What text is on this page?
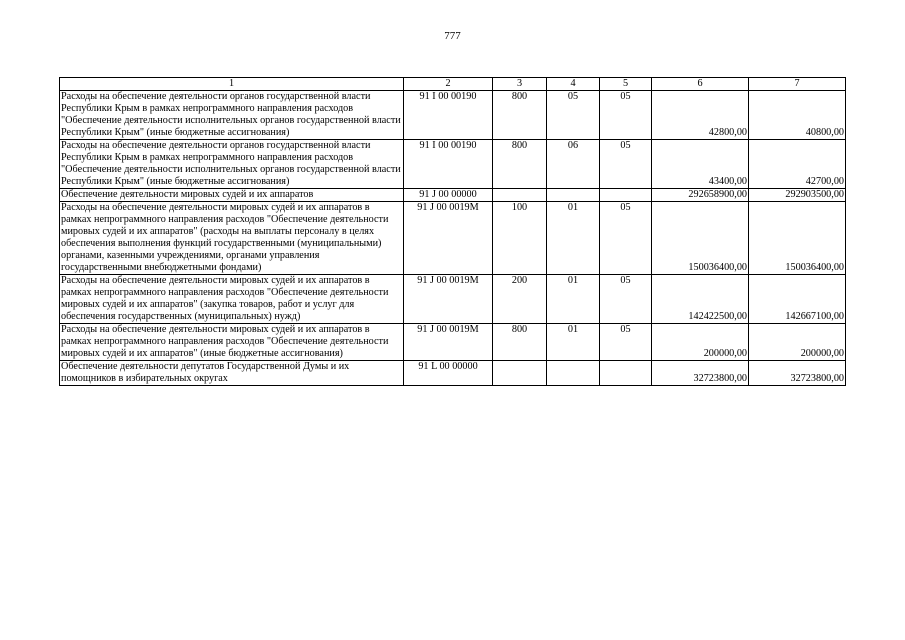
777
1	2	3	4	5	6	7
Расходы на обеспечение деятельности органов государственной власти Республики Крым в рамках непрограммного направления расходов "Обеспечение деятельности исполнительных органов государственной власти Республики Крым" (иные бюджетные ассигнования)	91 I 00 00190	800	05	05	42800,00	40800,00
Расходы на обеспечение деятельности органов государственной власти Республики Крым в рамках непрограммного направления расходов "Обеспечение деятельности исполнительных органов государственной власти Республики Крым" (иные бюджетные ассигнования)	91 I 00 00190	800	06	05	43400,00	42700,00
Обеспечение деятельности мировых судей и их аппаратов	91 J 00 00000				292658900,00	292903500,00
Расходы на обеспечение деятельности мировых судей и их аппаратов в рамках непрограммного направления расходов "Обеспечение деятельности мировых судей и их аппаратов" (расходы на выплаты персоналу в целях обеспечения выполнения функций государственными (муниципальными) органами, казенными учреждениями, органами управления государственными внебюджетными фондами)	91 J 00 0019M	100	01	05	150036400,00	150036400,00
Расходы на обеспечение деятельности мировых судей и их аппаратов в рамках непрограммного направления расходов "Обеспечение деятельности мировых судей и их аппаратов" (закупка товаров, работ и услуг для обеспечения государственных (муниципальных) нужд)	91 J 00 0019M	200	01	05	142422500,00	142667100,00
Расходы на обеспечение деятельности мировых судей и их аппаратов в рамках непрограммного направления расходов "Обеспечение деятельности мировых судей и их аппаратов" (иные бюджетные ассигнования)	91 J 00 0019M	800	01	05	200000,00	200000,00
Обеспечение деятельности депутатов Государственной Думы и их помощников в избирательных округах	91 L 00 00000				32723800,00	32723800,00
